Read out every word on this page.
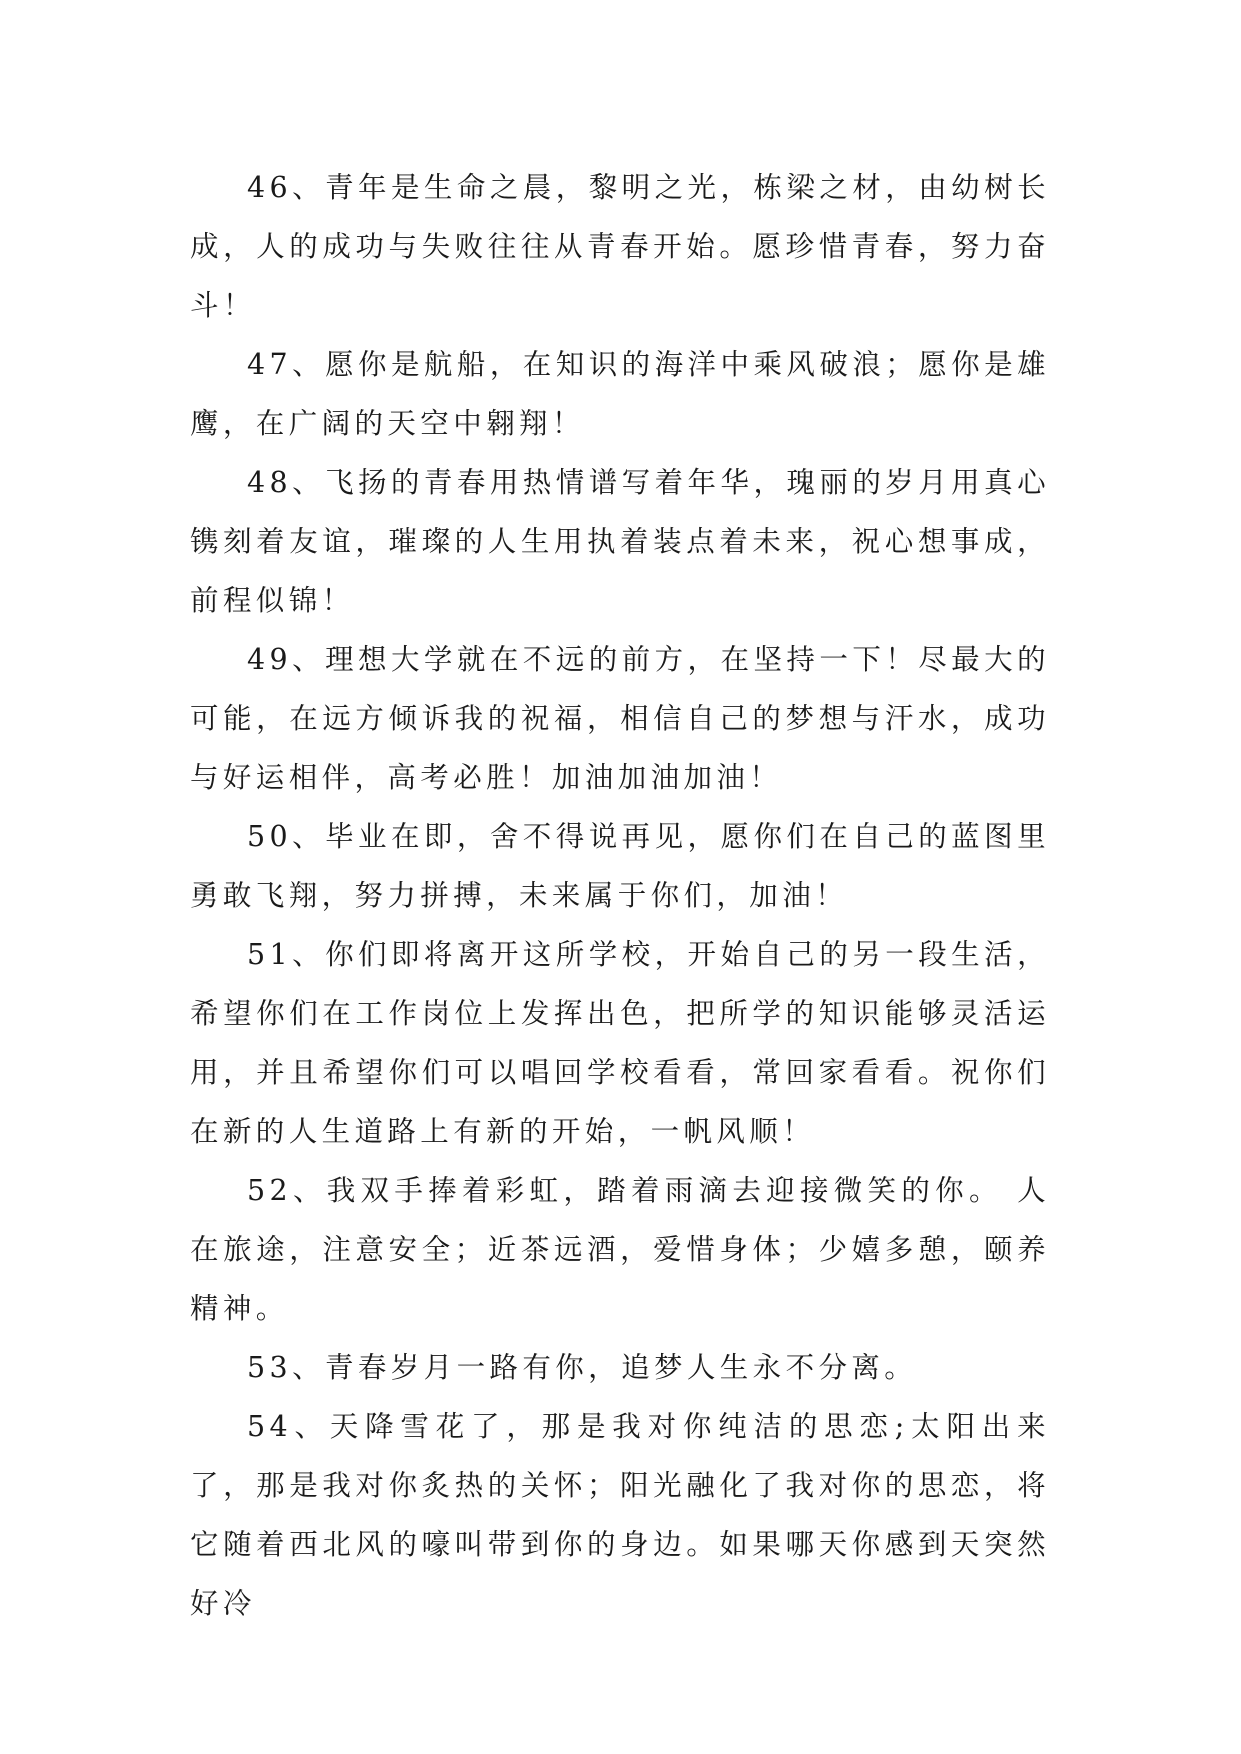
46、青年是生命之晨，黎明之光，栋梁之材，由幼树长成，人的成功与失败往往从青春开始。愿珍惜青春，努力奋斗！

47、愿你是航船，在知识的海洋中乘风破浪；愿你是雄鹰，在广阔的天空中翱翔！

48、飞扬的青春用热情谱写着年华，瑰丽的岁月用真心镌刻着友谊，璀璨的人生用执着装点着未来，祝心想事成，前程似锦！

49、理想大学就在不远的前方，在坚持一下！尽最大的可能，在远方倾诉我的祝福，相信自己的梦想与汗水，成功与好运相伴，高考必胜！加油加油加油！

50、毕业在即，舍不得说再见，愿你们在自己的蓝图里勇敢飞翔，努力拼搏，未来属于你们，加油！

51、你们即将离开这所学校，开始自己的另一段生活，希望你们在工作岗位上发挥出色，把所学的知识能够灵活运用，并且希望你们可以唱回学校看看，常回家看看。祝你们在新的人生道路上有新的开始，一帆风顺！

52、我双手捧着彩虹，踏着雨滴去迎接微笑的你。 人在旅途，注意安全；近茶远酒，爱惜身体；少嬉多憩，颐养精神。

53、青春岁月一路有你，追梦人生永不分离。

54、天降雪花了，那是我对你纯洁的思恋;太阳出来了，那是我对你炙热的关怀；阳光融化了我对你的思恋，将它随着西北风的嚎叫带到你的身边。如果哪天你感到天突然好冷
